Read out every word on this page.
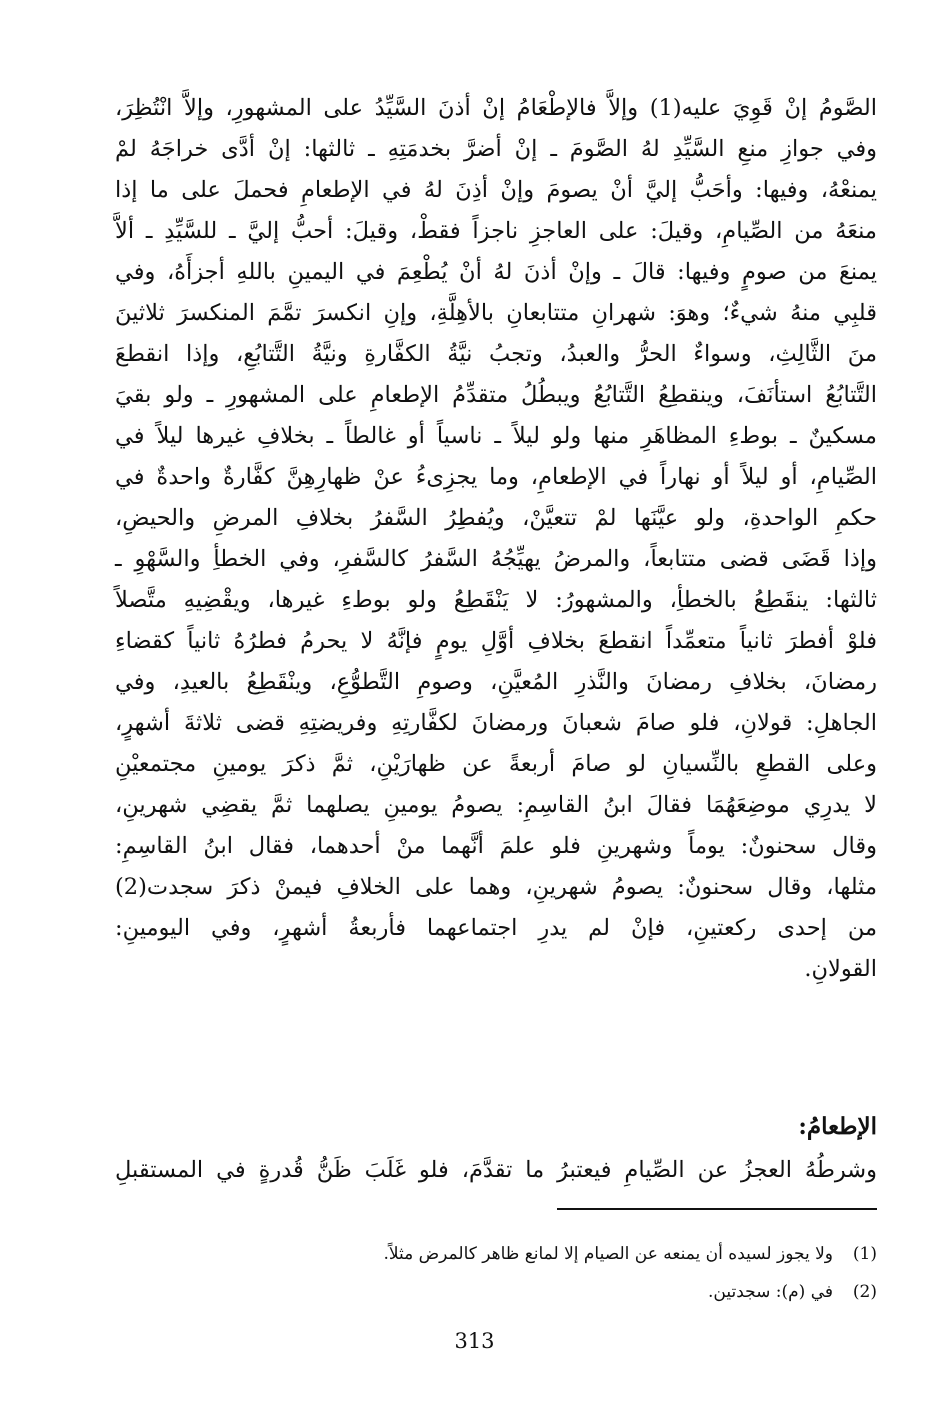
الصَّومُ إنْ قَوِيَ عليه(1) وإلاَّ فالإطْعَامُ إنْ أذنَ السَّيِّدُ على المشهورِ، وإلاَّ انْتُظِرَ،
وفي جوازِ منعِ السَّيِّدِ لهُ الصَّومَ ـ إنْ أضرَّ بخدمَتِهِ ـ ثالثها: إنْ أدَّى خراجَهُ لمْ
يمنعْهُ، وفيها: وأحَبُّ إليَّ أنْ يصومَ وإنْ أذِنَ لهُ في الإطعامِ فحملَ على ما إذا
منعَهُ من الصِّيامِ، وقيلَ: على العاجزِ ناجزاً فقطْ، وقيلَ: أحبُّ إليَّ ـ للسَّيِّدِ ـ ألاَّ
يمنعَ من صومٍ وفيها: قالَ ـ وإنْ أذنَ لهُ أنْ يُطْعِمَ في اليمينِ باللهِ أجزأَهُ، وفي
قلبِي منهُ شيءٌ؛ وهوَ: شهرانِ متتابعانِ بالأهِلَّةِ، وإنِ انكسرَ تمَّمَ المنكسرَ ثلاثينَ
منَ الثَّالِثِ، وسواءٌ الحرُّ والعبدُ، وتجبُ نيَّةُ الكفَّارةِ ونيَّةُ التَّتابُعِ، وإذا انقطعَ
التَّتابُعُ استأنَفَ، وينقطِعُ التَّتابُعُ ويبطُلُ متقدِّمُ الإطعامِ على المشهورِ ـ ولو بقيَ
مسكينٌ ـ بوطءِ المظاهَرِ منها ولو ليلاً ـ ناسياً أو غالطاً ـ بخلافِ غيرها ليلاً في
الصِّيامِ، أو ليلاً أو نهاراً في الإطعامِ، وما يجزِىءُ عنْ ظهارِهِنَّ كفَّارةٌ واحدةٌ في
حكمِ الواحدةِ، ولو عيَّنَها لمْ تتعيَّنْ، ويُفطِرُ السَّفرُ بخلافِ المرضِ والحيضِ،
وإذا قَضَى قضى متتابعاً، والمرضُ يهيِّجُهُ السَّفرُ كالسَّفرِ، وفي الخطأِ والسَّهْوِ ـ
ثالثها: ينقَطِعُ بالخطأِ، والمشهورُ: لا يَنْقَطِعُ ولو بوطءِ غيرها، ويقْضِيهِ متَّصلاً
فلوْ أفطرَ ثانياً متعمِّداً انقطعَ بخلافِ أوَّلِ يومٍ فإنَّهُ لا يحرمُ فطرُهُ ثانياً كقضاءِ
رمضانَ، بخلافِ رمضانَ والنَّذرِ المُعيَّنِ، وصومِ التَّطوُّعِ، وينْقَطِعُ بالعيدِ، وفي
الجاهلِ: قولانِ، فلو صامَ شعبانَ ورمضانَ لكفَّارتِهِ وفريضتِهِ قضى ثلاثةَ أشهرٍ،
وعلى القطعِ بالنِّسيانِ لو صامَ أربعةً عن ظهارَيْنِ، ثمَّ ذكرَ يومينِ مجتمعيْنِ
لا يدرِي موضِعَهُمَا فقالَ ابنُ القاسِمِ: يصومُ يومينِ يصلهما ثمَّ يقضِي شهرينِ،
وقال سحنونٌ: يوماً وشهرينِ فلو علمَ أنَّهما منْ أحدهما، فقال ابنُ القاسِمِ:
مثلها، وقال سحنونٌ: يصومُ شهرينِ، وهما على الخلافِ فيمنْ ذكرَ سجدت(2)
من إحدى ركعتينِ، فإنْ لم يدرِ اجتماعهما فأربعةُ أشهرٍ، وفي اليومينِ:
القولانِ.
الإطعامُ:
وشرطُهُ العجزُ عن الصِّيامِ فيعتبرُ ما تقدَّمَ، فلو غَلَبَ ظَنُّ قُدرةٍ في المستقبلِ
(1)ولا يجوز لسيده أن يمنعه عن الصيام إلا لمانع ظاهر كالمرض مثلاً.
(2)في (م): سجدتين.
313
